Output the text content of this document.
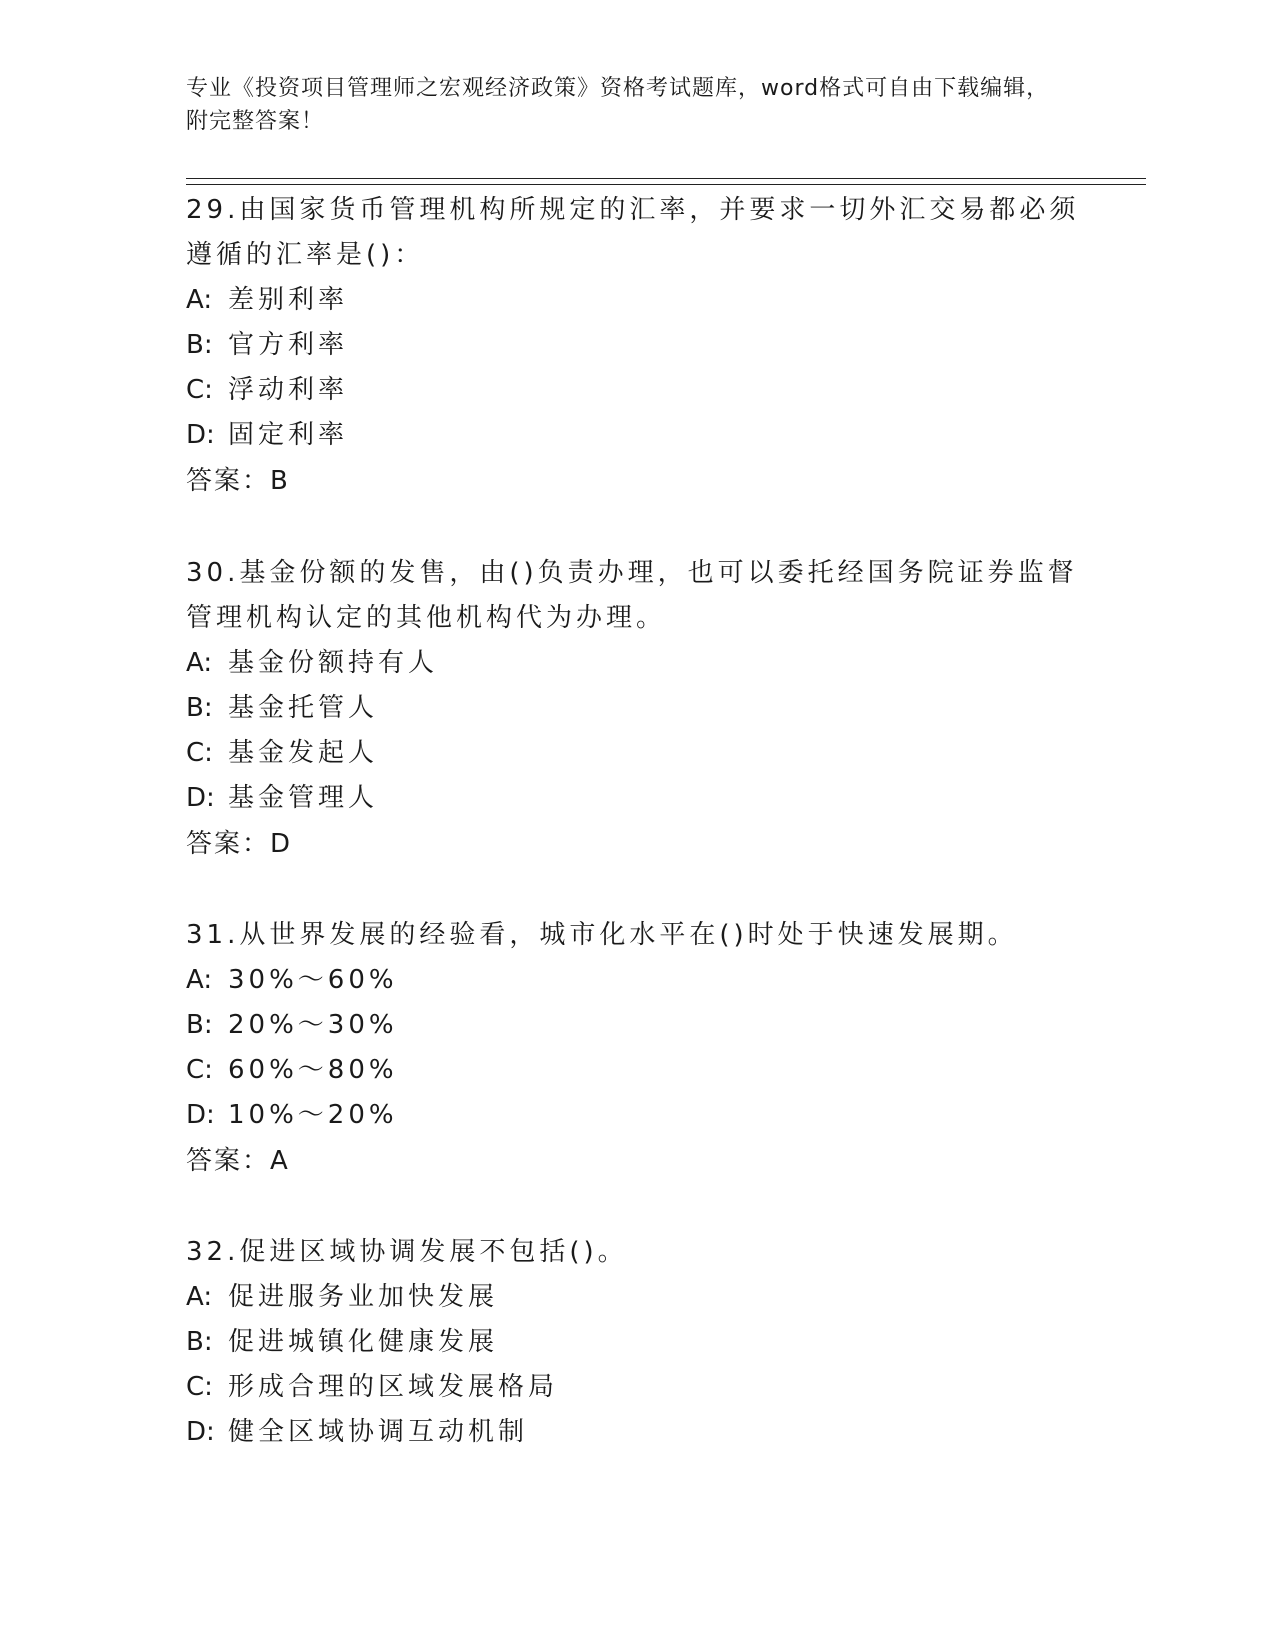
专业《投资项目管理师之宏观经济政策》资格考试题库，word格式可自由下载编辑，附完整答案！

29.由国家货币管理机构所规定的汇率，并要求一切外汇交易都必须遵循的汇率是()：

A: 差别利率

B: 官方利率

C: 浮动利率

D: 固定利率

答案：B

30.基金份额的发售，由()负责办理，也可以委托经国务院证券监督管理机构认定的其他机构代为办理。

A: 基金份额持有人

B: 基金托管人

C: 基金发起人

D: 基金管理人

答案：D

31.从世界发展的经验看，城市化水平在()时处于快速发展期。

A: 30%～60%

B: 20%～30%

C: 60%～80%

D: 10%～20%

答案：A

32.促进区域协调发展不包括()。

A: 促进服务业加快发展

B: 促进城镇化健康发展

C: 形成合理的区域发展格局

D: 健全区域协调互动机制
